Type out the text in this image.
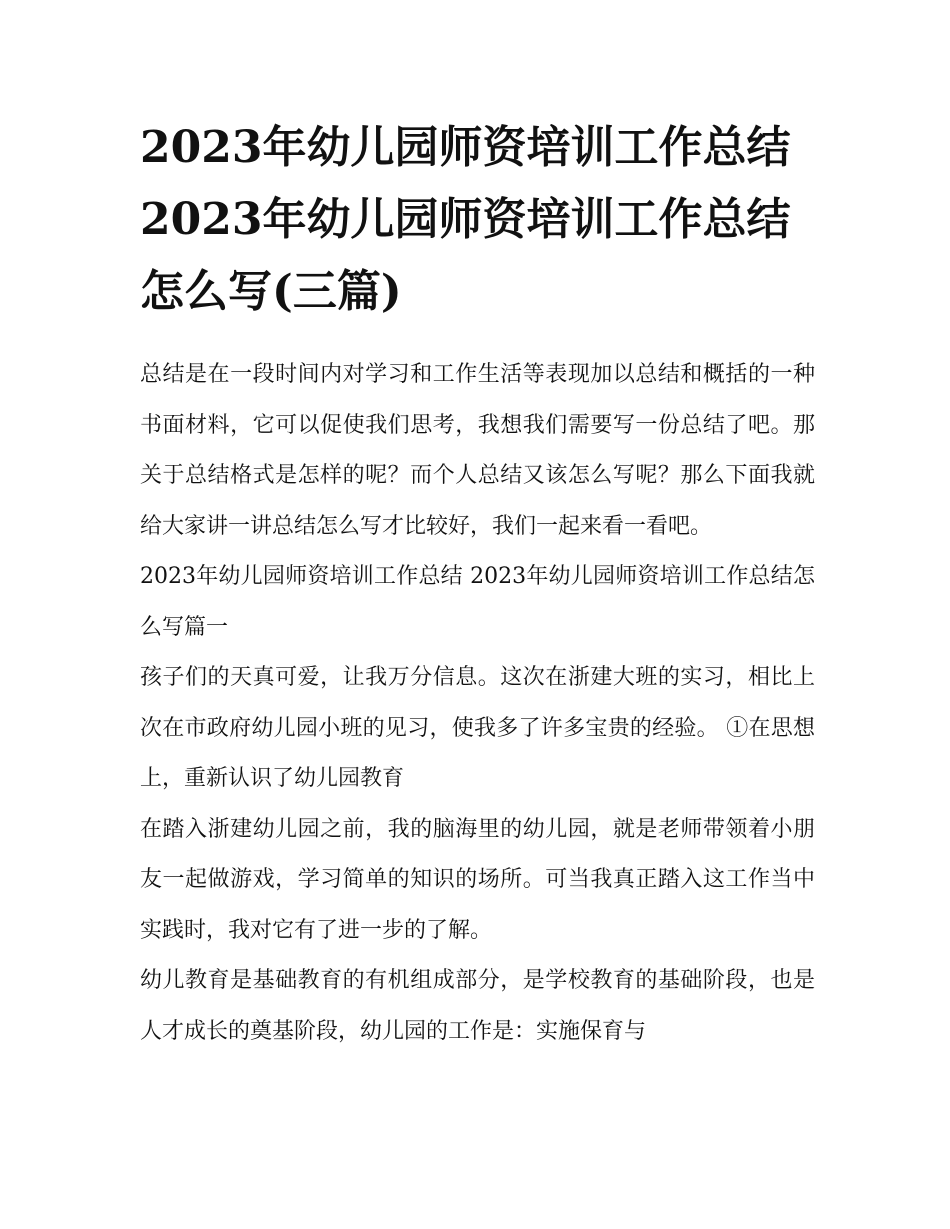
2023年幼儿园师资培训工作总结 2023年幼儿园师资培训工作总结怎么写(三篇)

总结是在一段时间内对学习和工作生活等表现加以总结和概括的一种书面材料，它可以促使我们思考，我想我们需要写一份总结了吧。那关于总结格式是怎样的呢？而个人总结又该怎么写呢？那么下面我就给大家讲一讲总结怎么写才比较好，我们一起来看一看吧。

2023年幼儿园师资培训工作总结 2023年幼儿园师资培训工作总结怎么写篇一

孩子们的天真可爱，让我万分信息。这次在浙建大班的实习，相比上次在市政府幼儿园小班的见习，使我多了许多宝贵的经验。 ①在思想上，重新认识了幼儿园教育

在踏入浙建幼儿园之前，我的脑海里的幼儿园，就是老师带领着小朋友一起做游戏，学习简单的知识的场所。可当我真正踏入这工作当中实践时，我对它有了进一步的了解。

幼儿教育是基础教育的有机组成部分，是学校教育的基础阶段，也是人才成长的奠基阶段，幼儿园的工作是：实施保育与
